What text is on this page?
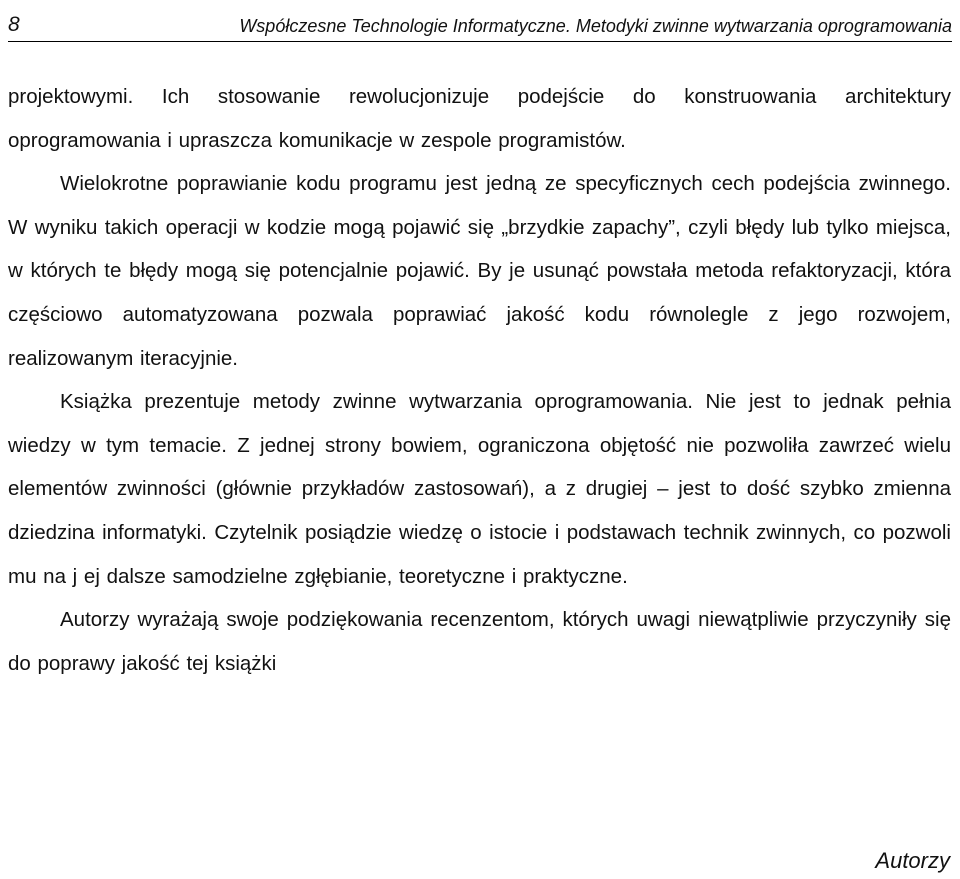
8	Współczesne Technologie Informatyczne. Metodyki zwinne wytwarzania oprogramowania

projektowymi. Ich stosowanie rewolucjonizuje podejście do konstruowania architektury oprogramowania i upraszcza komunikacje w zespole programistów.

Wielokrotne poprawianie kodu programu jest jedną ze specyficznych cech podejścia zwinnego. W wyniku takich operacji w kodzie mogą pojawić się „brzydkie zapachy”, czyli błędy lub tylko miejsca, w których te błędy mogą się potencjalnie pojawić. By je usunąć powstała metoda refaktoryzacji, która częściowo automatyzowana pozwala poprawiać jakość kodu równolegle z jego rozwojem, realizowanym iteracyjnie.

Książka prezentuje metody zwinne wytwarzania oprogramowania. Nie jest to jednak pełnia wiedzy w tym temacie. Z jednej strony bowiem, ograniczona objętość nie pozwoliła zawrzeć wielu elementów zwinności (głównie przykładów zastosowań), a z drugiej – jest to dość szybko zmienna dziedzina informatyki. Czytelnik posiądzie wiedzę o istocie i podstawach technik zwinnych, co pozwoli mu na j ej dalsze samodzielne zgłębianie, teoretyczne i praktyczne.

Autorzy wyrażają swoje podziękowania recenzentom, których uwagi niewątpliwie przyczyniły się do poprawy jakość tej książki

Autorzy
